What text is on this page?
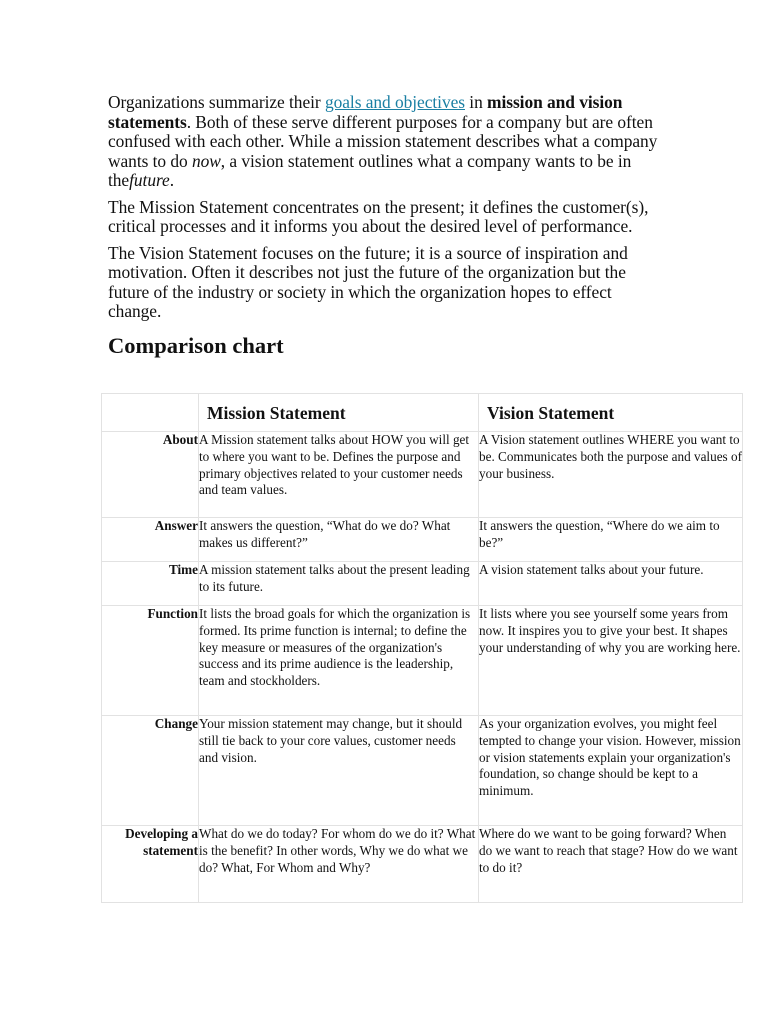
Organizations summarize their goals and objectives in mission and vision statements. Both of these serve different purposes for a company but are often confused with each other. While a mission statement describes what a company wants to do now, a vision statement outlines what a company wants to be in thefuture.

The Mission Statement concentrates on the present; it defines the customer(s), critical processes and it informs you about the desired level of performance.

The Vision Statement focuses on the future; it is a source of inspiration and motivation. Often it describes not just the future of the organization but the future of the industry or society in which the organization hopes to effect change.

Comparison chart
	Mission Statement	Vision Statement
About	A Mission statement talks about HOW you will get to where you want to be. Defines the purpose and primary objectives related to your customer needs and team values.	A Vision statement outlines WHERE you want to be. Communicates both the purpose and values of your business.
Answer	It answers the question, “What do we do? What makes us different?”	It answers the question, “Where do we aim to be?”
Time	A mission statement talks about the present leading to its future.	A vision statement talks about your future.
Function	It lists the broad goals for which the organization is formed. Its prime function is internal; to define the key measure or measures of the organization's success and its prime audience is the leadership, team and stockholders.	It lists where you see yourself some years from now. It inspires you to give your best. It shapes your understanding of why you are working here.
Change	Your mission statement may change, but it should still tie back to your core values, customer needs and vision.	As your organization evolves, you might feel tempted to change your vision. However, mission or vision statements explain your organization's foundation, so change should be kept to a minimum.
Developing a statement	What do we do today? For whom do we do it? What is the benefit? In other words, Why we do what we do? What, For Whom and Why?	Where do we want to be going forward? When do we want to reach that stage? How do we want to do it?
